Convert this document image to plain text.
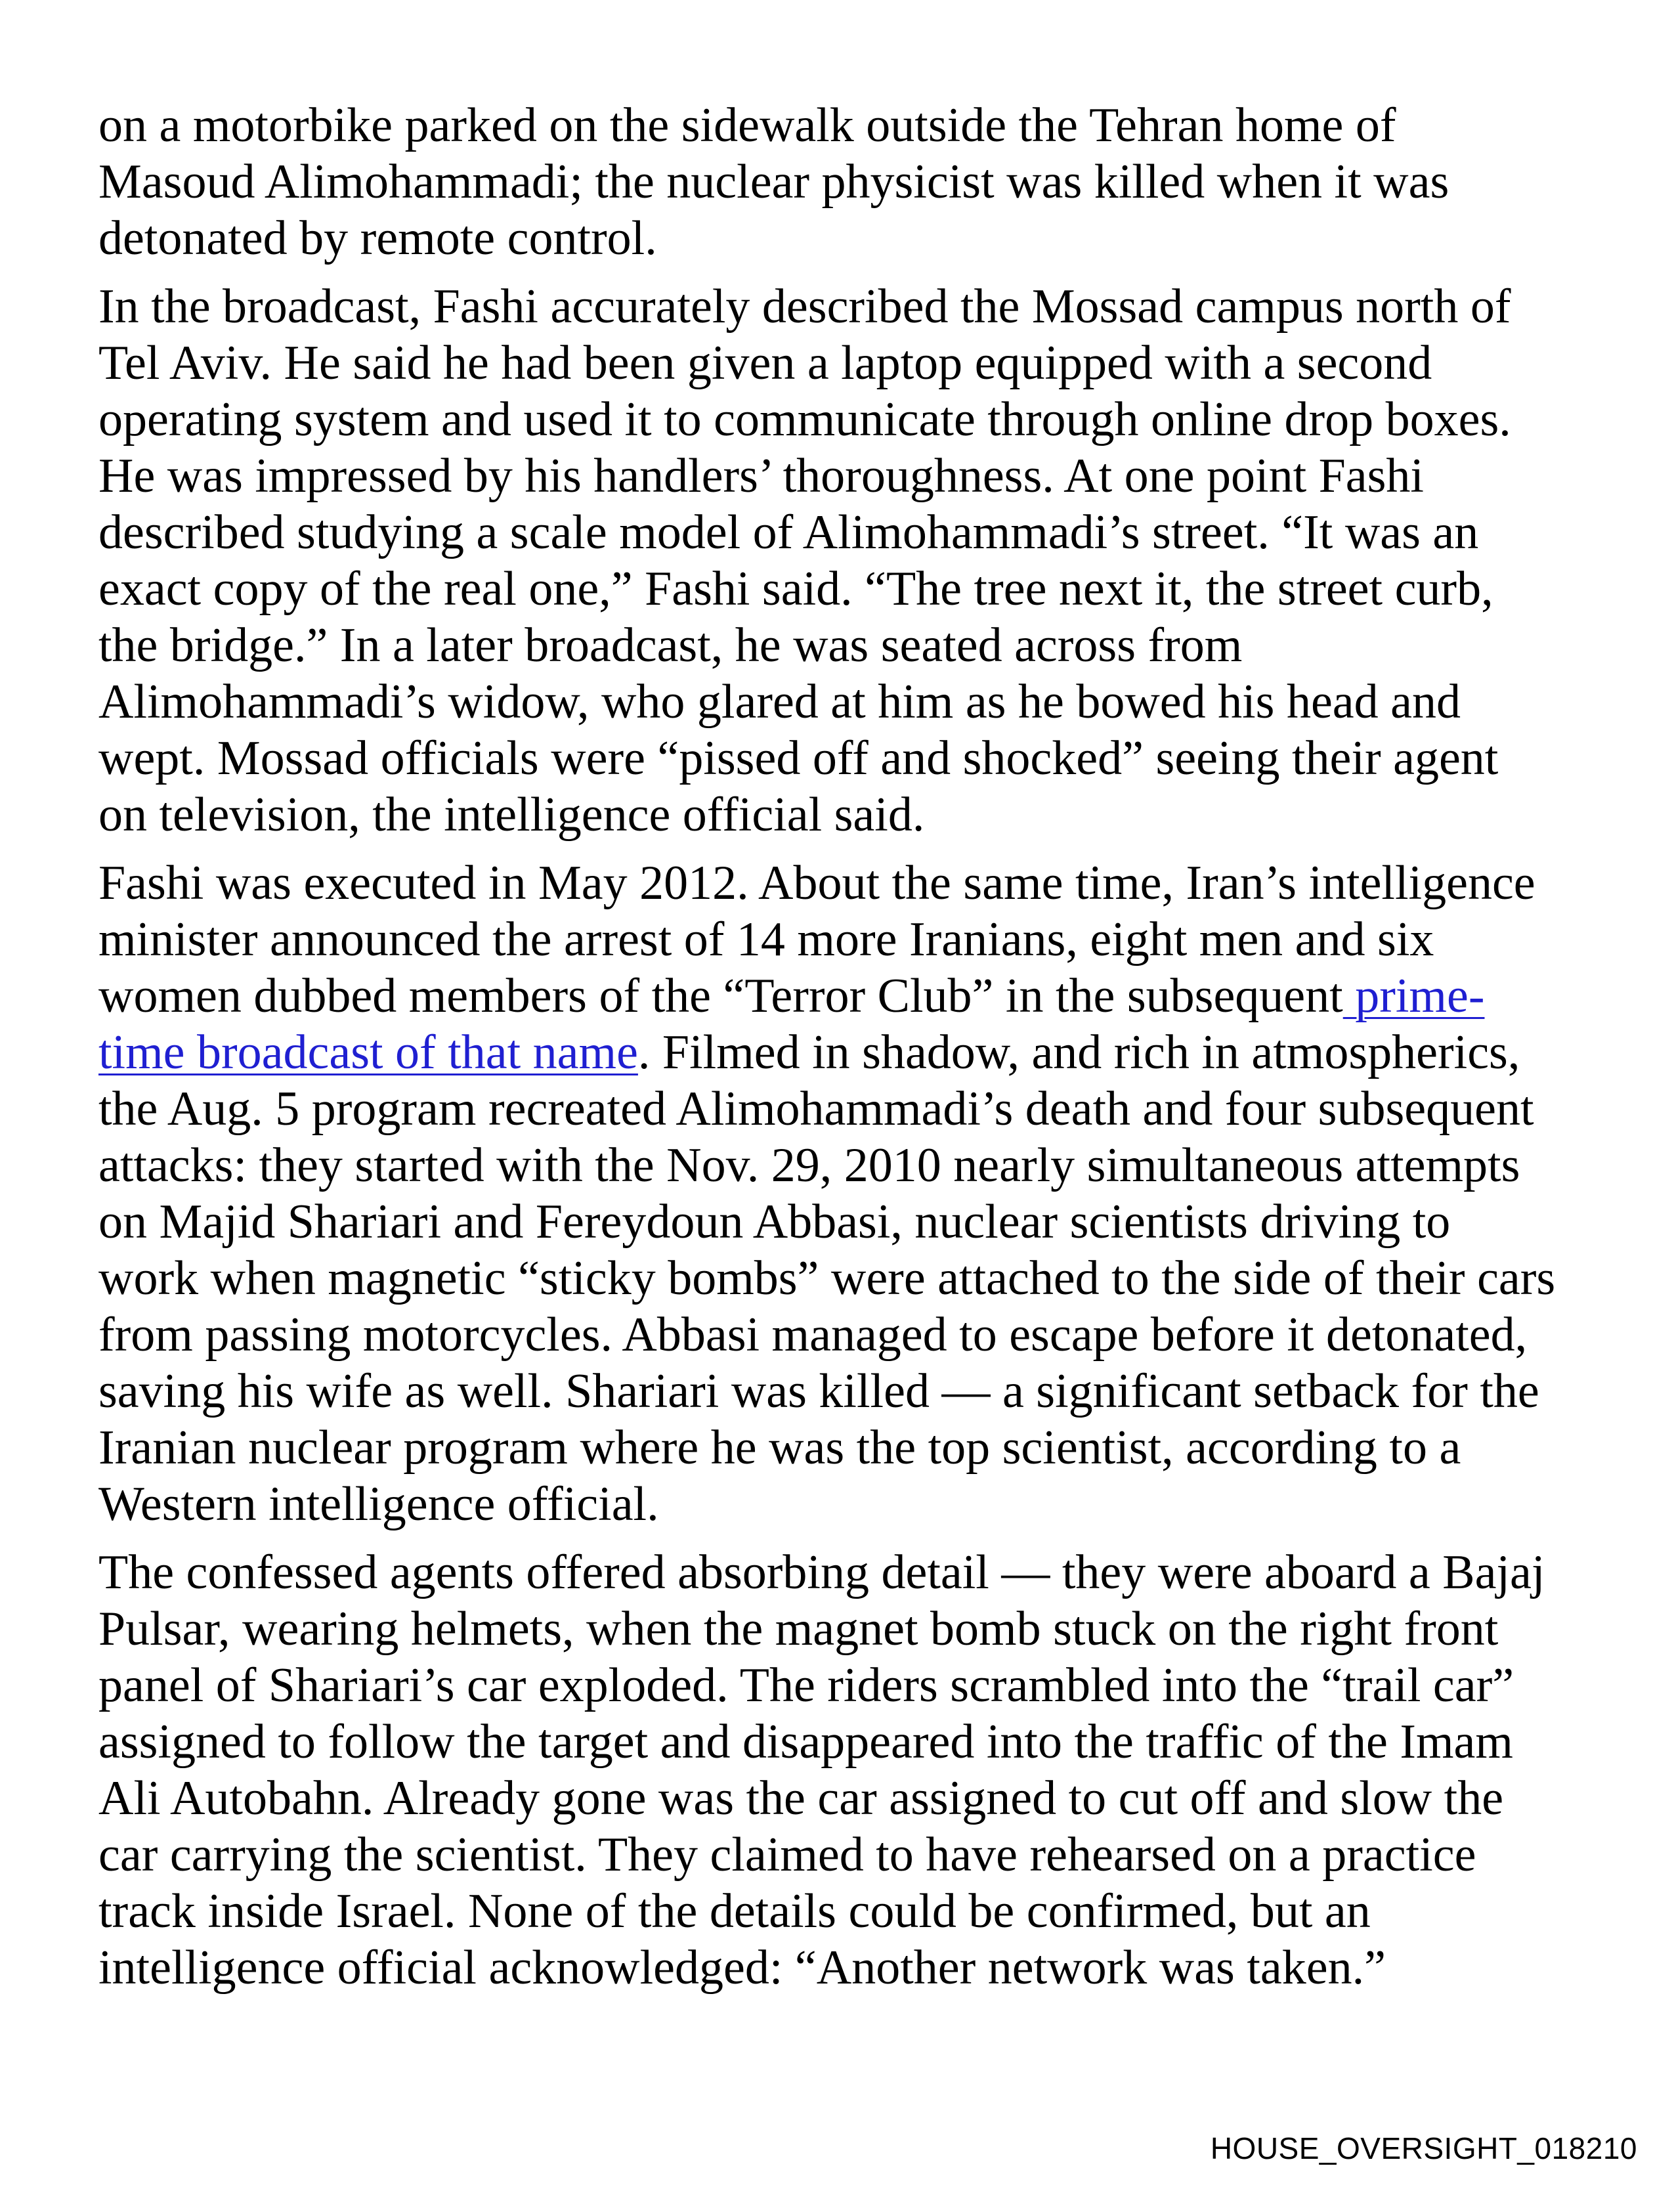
on a motorbike parked on the sidewalk outside the Tehran home of
Masoud Alimohammadi; the nuclear physicist was killed when it was
detonated by remote control.

In the broadcast, Fashi accurately described the Mossad campus north of
Tel Aviv. He said he had been given a laptop equipped with a second
operating system and used it to communicate through online drop boxes.
He was impressed by his handlers’ thoroughness. At one point Fashi
described studying a scale model of Alimohammadi’s street. “It was an
exact copy of the real one,” Fashi said. “The tree next it, the street curb,
the bridge.” In a later broadcast, he was seated across from
Alimohammadi’s widow, who glared at him as he bowed his head and
wept. Mossad officials were “pissed off and shocked” seeing their agent
on television, the intelligence official said.

Fashi was executed in May 2012. About the same time, Iran’s intelligence
minister announced the arrest of 14 more Iranians, eight men and six
women dubbed members of the “Terror Club” in the subsequent prime-
time broadcast of that name. Filmed in shadow, and rich in atmospherics,
the Aug. 5 program recreated Alimohammadi’s death and four subsequent
attacks: they started with the Nov. 29, 2010 nearly simultaneous attempts
on Majid Shariari and Fereydoun Abbasi, nuclear scientists driving to
work when magnetic “sticky bombs” were attached to the side of their cars
from passing motorcycles. Abbasi managed to escape before it detonated,
saving his wife as well. Shariari was killed — a significant setback for the
Iranian nuclear program where he was the top scientist, according to a
Western intelligence official.

The confessed agents offered absorbing detail — they were aboard a Bajaj
Pulsar, wearing helmets, when the magnet bomb stuck on the right front
panel of Shariari’s car exploded. The riders scrambled into the “trail car”
assigned to follow the target and disappeared into the traffic of the Imam
Ali Autobahn. Already gone was the car assigned to cut off and slow the
car carrying the scientist. They claimed to have rehearsed on a practice
track inside Israel. None of the details could be confirmed, but an
intelligence official acknowledged: “Another network was taken.”

HOUSE_OVERSIGHT_018210
